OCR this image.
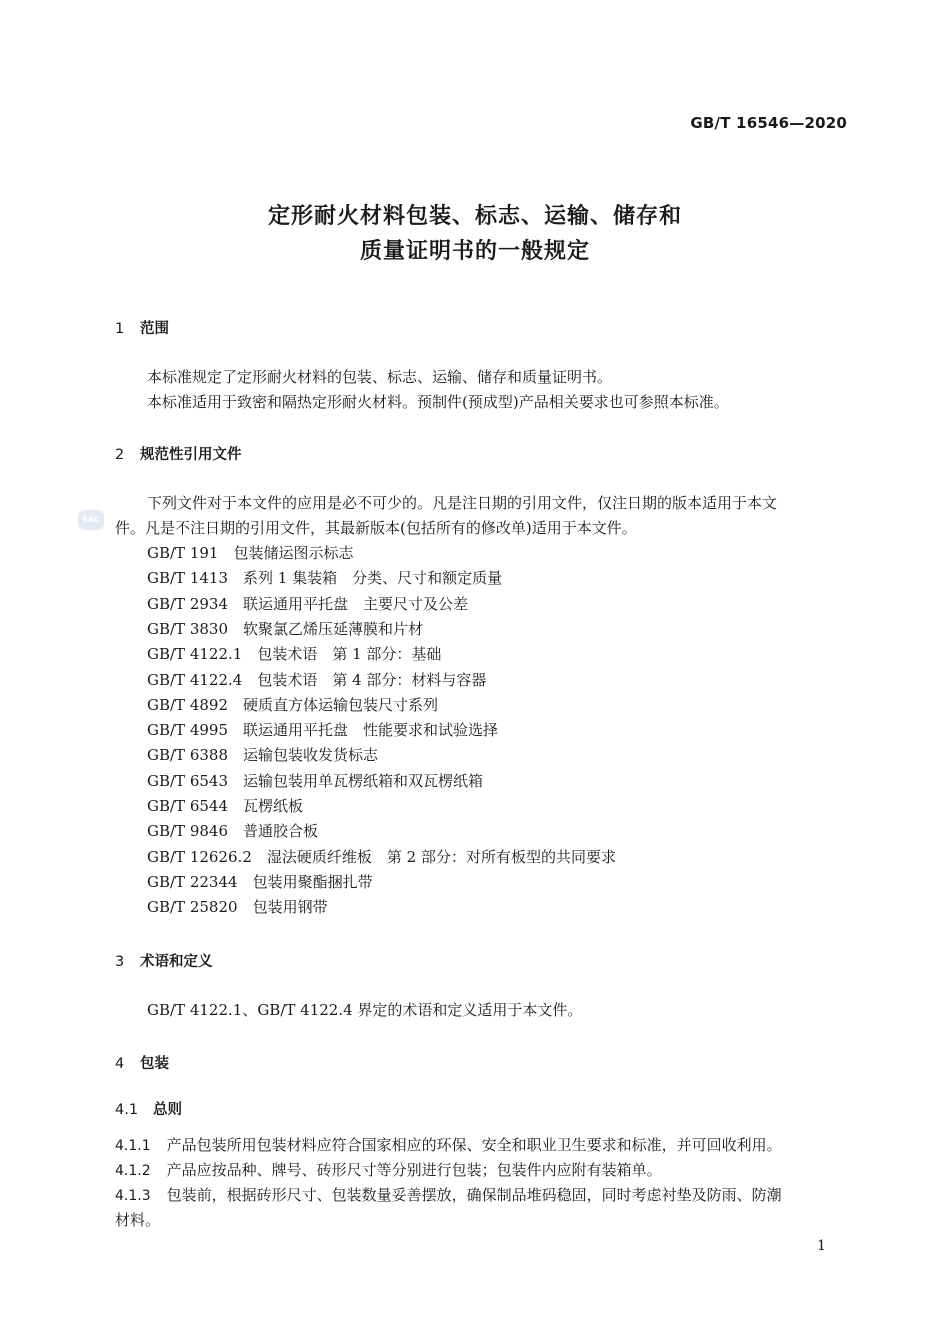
GB/T 16546—2020
定形耐火材料包装、标志、运输、储存和
质量证明书的一般规定
1 范围
本标准规定了定形耐火材料的包装、标志、运输、储存和质量证明书。
本标准适用于致密和隔热定形耐火材料。预制件(预成型)产品相关要求也可参照本标准。
2 规范性引用文件
SAC
下列文件对于本文件的应用是必不可少的。凡是注日期的引用文件，仅注日期的版本适用于本文
件。凡是不注日期的引用文件，其最新版本(包括所有的修改单)适用于本文件。
GB/T 191 包装储运图示标志
GB/T 1413 系列 1 集装箱　分类、尺寸和额定质量
GB/T 2934 联运通用平托盘　主要尺寸及公差
GB/T 3830 软聚氯乙烯压延薄膜和片材
GB/T 4122.1 包装术语　第 1 部分：基础
GB/T 4122.4 包装术语　第 4 部分：材料与容器
GB/T 4892 硬质直方体运输包装尺寸系列
GB/T 4995 联运通用平托盘　性能要求和试验选择
GB/T 6388 运输包装收发货标志
GB/T 6543 运输包装用单瓦楞纸箱和双瓦楞纸箱
GB/T 6544 瓦楞纸板
GB/T 9846 普通胶合板
GB/T 12626.2 湿法硬质纤维板　第 2 部分：对所有板型的共同要求
GB/T 22344 包装用聚酯捆扎带
GB/T 25820 包装用钢带
3 术语和定义
GB/T 4122.1、GB/T 4122.4 界定的术语和定义适用于本文件。
4 包装
4.1 总则
4.1.1 产品包装所用包装材料应符合国家相应的环保、安全和职业卫生要求和标准，并可回收利用。
4.1.2 产品应按品种、牌号、砖形尺寸等分别进行包装；包装件内应附有装箱单。
4.1.3 包装前，根据砖形尺寸、包装数量妥善摆放，确保制品堆码稳固，同时考虑衬垫及防雨、防潮
材料。
1
